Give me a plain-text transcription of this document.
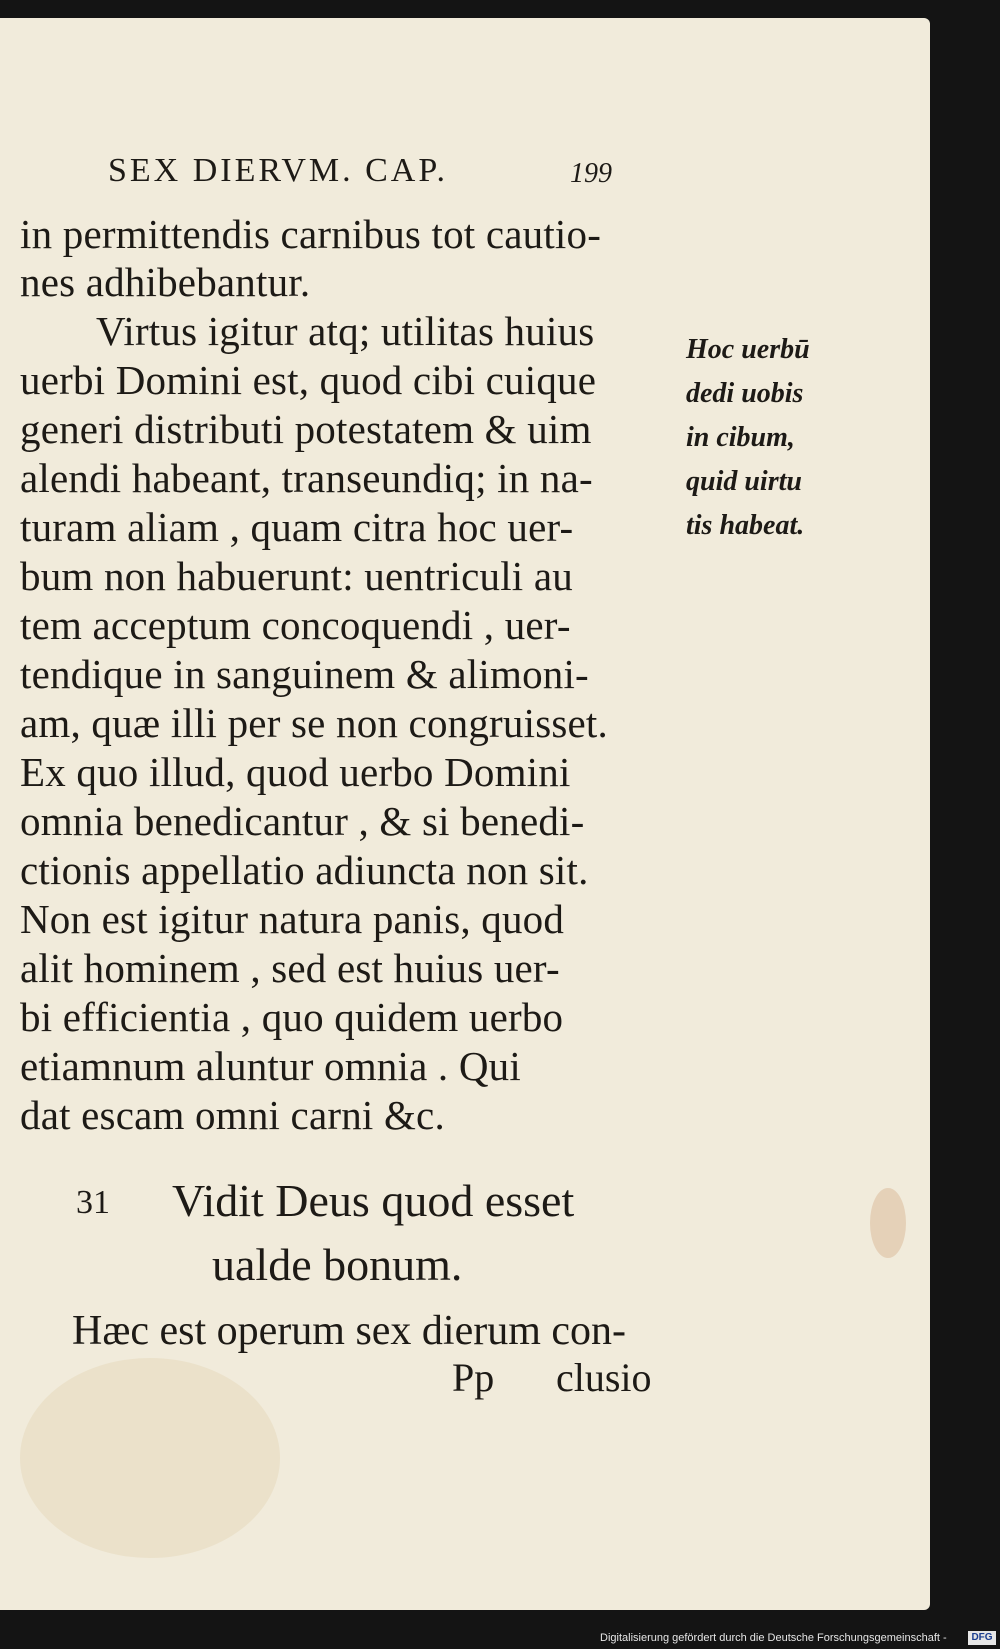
SEX DIERVM. CAP.	199
in permittendis carnibus tot cautio-
nes adhibebantur.
Virtus igitur atq; utilitas huius
uerbi Domini est, quod cibi cuique
generi distributi potestatem & uim
alendi habeant, transeundiq; in na-
turam aliam , quam citra hoc uer-
bum non habuerunt: uentriculi au
tem acceptum concoquendi , uer-
tendique in sanguinem & alimoni-
am, quæ illi per se non congruisset.
Ex quo illud, quod uerbo Domini
omnia benedicantur , & si benedi-
ctionis appellatio adiuncta non sit.
Non est igitur natura panis, quod
alit hominem , sed est huius uer-
bi efficientia , quo quidem uerbo
etiamnum aluntur omnia . Qui
dat escam omni carni &c.
Hoc uerbū
dedi uobis
in cibum,
quid uirtu
tis habeat.
31 Vidit Deus quod esset
ualde bonum.
Hæc est operum sex dierum con-
Pp clusio
Digitalisierung gefördert durch die Deutsche Forschungsgemeinschaft -	DFG
